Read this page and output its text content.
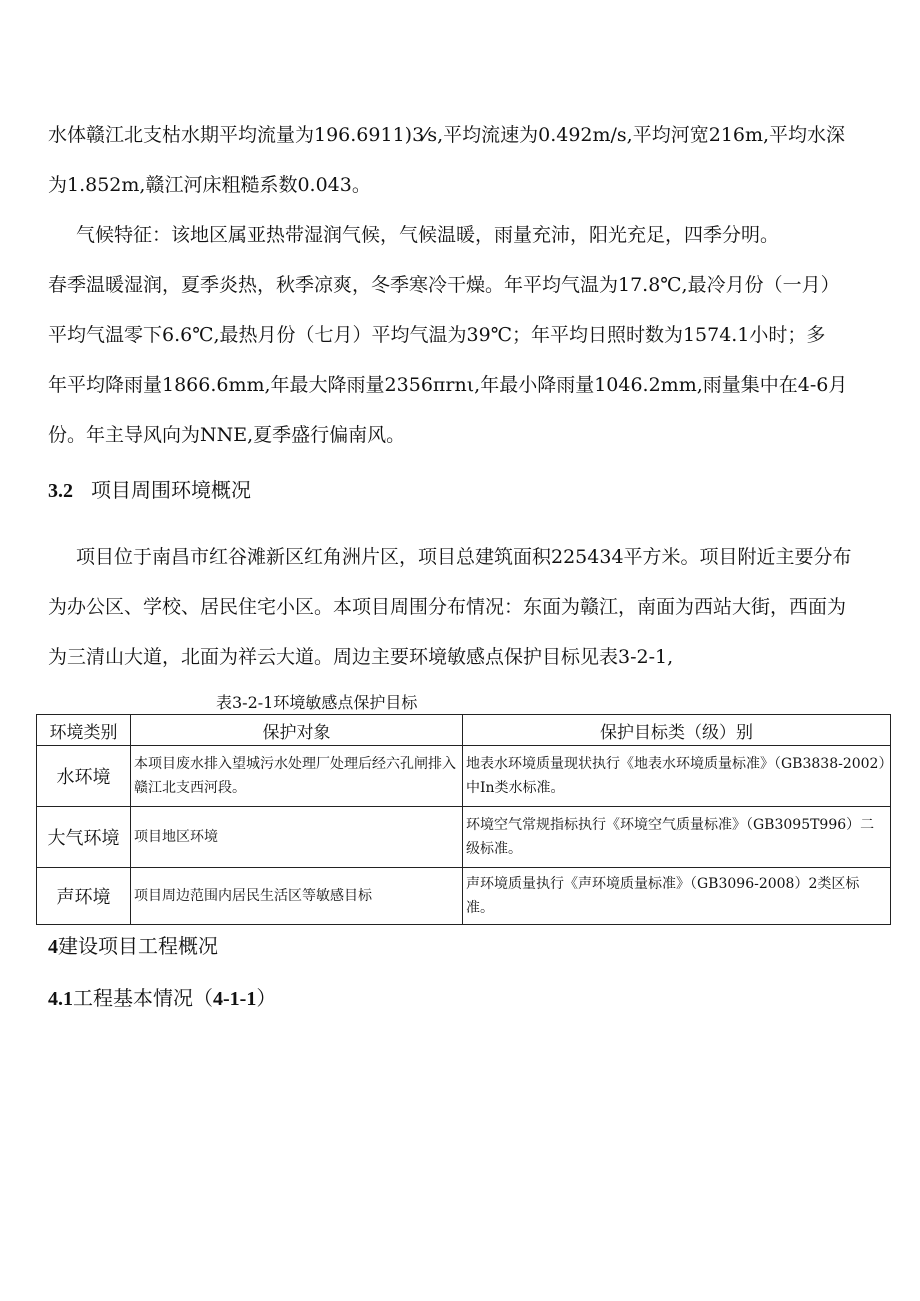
水体赣江北支枯水期平均流量为196.6911)3⁄s,平均流速为0.492m/s,平均河宽216m,平均水深
为1.852m,赣江河床粗糙系数0.043。
气候特征：该地区属亚热带湿润气候，气候温暖，雨量充沛，阳光充足，四季分明。
春季温暖湿润，夏季炎热，秋季凉爽，冬季寒冷干燥。年平均气温为17.8℃,最冷月份（一月）
平均气温零下6.6℃,最热月份（七月）平均气温为39℃；年平均日照时数为1574.1小时；多
年平均降雨量1866.6mm,年最大降雨量2356πrnι,年最小降雨量1046.2mm,雨量集中在4-6月
份。年主导风向为NNE,夏季盛行偏南风。
3.2 项目周围环境概况
项目位于南昌市红谷滩新区红角洲片区，项目总建筑面积225434平方米。项目附近主要分布
为办公区、学校、居民住宅小区。本项目周围分布情况：东面为赣江，南面为西站大街，西面为
为三清山大道，北面为祥云大道。周边主要环境敏感点保护目标见表3-2-1,

表3-2-1环境敏感点保护目标

环境类别	保护对象	保护目标类（级）别
水环境	本项目废水排入望城污水处理厂处理后经六孔闸排入赣江北支西河段。	地表水环境质量现状执行《地表水环境质量标准》（GB3838-2002）中In类水标准。
大气环境	项目地区环境	环境空气常规指标执行《环境空气质量标准》（GB3095T996）二级标准。
声环境	项目周边范围内居民生活区等敏感目标	声环境质量执行《声环境质量标准》（GB3096-2008）2类区标准。
4建设项目工程概况
4.1工程基本情况（4-1-1）
